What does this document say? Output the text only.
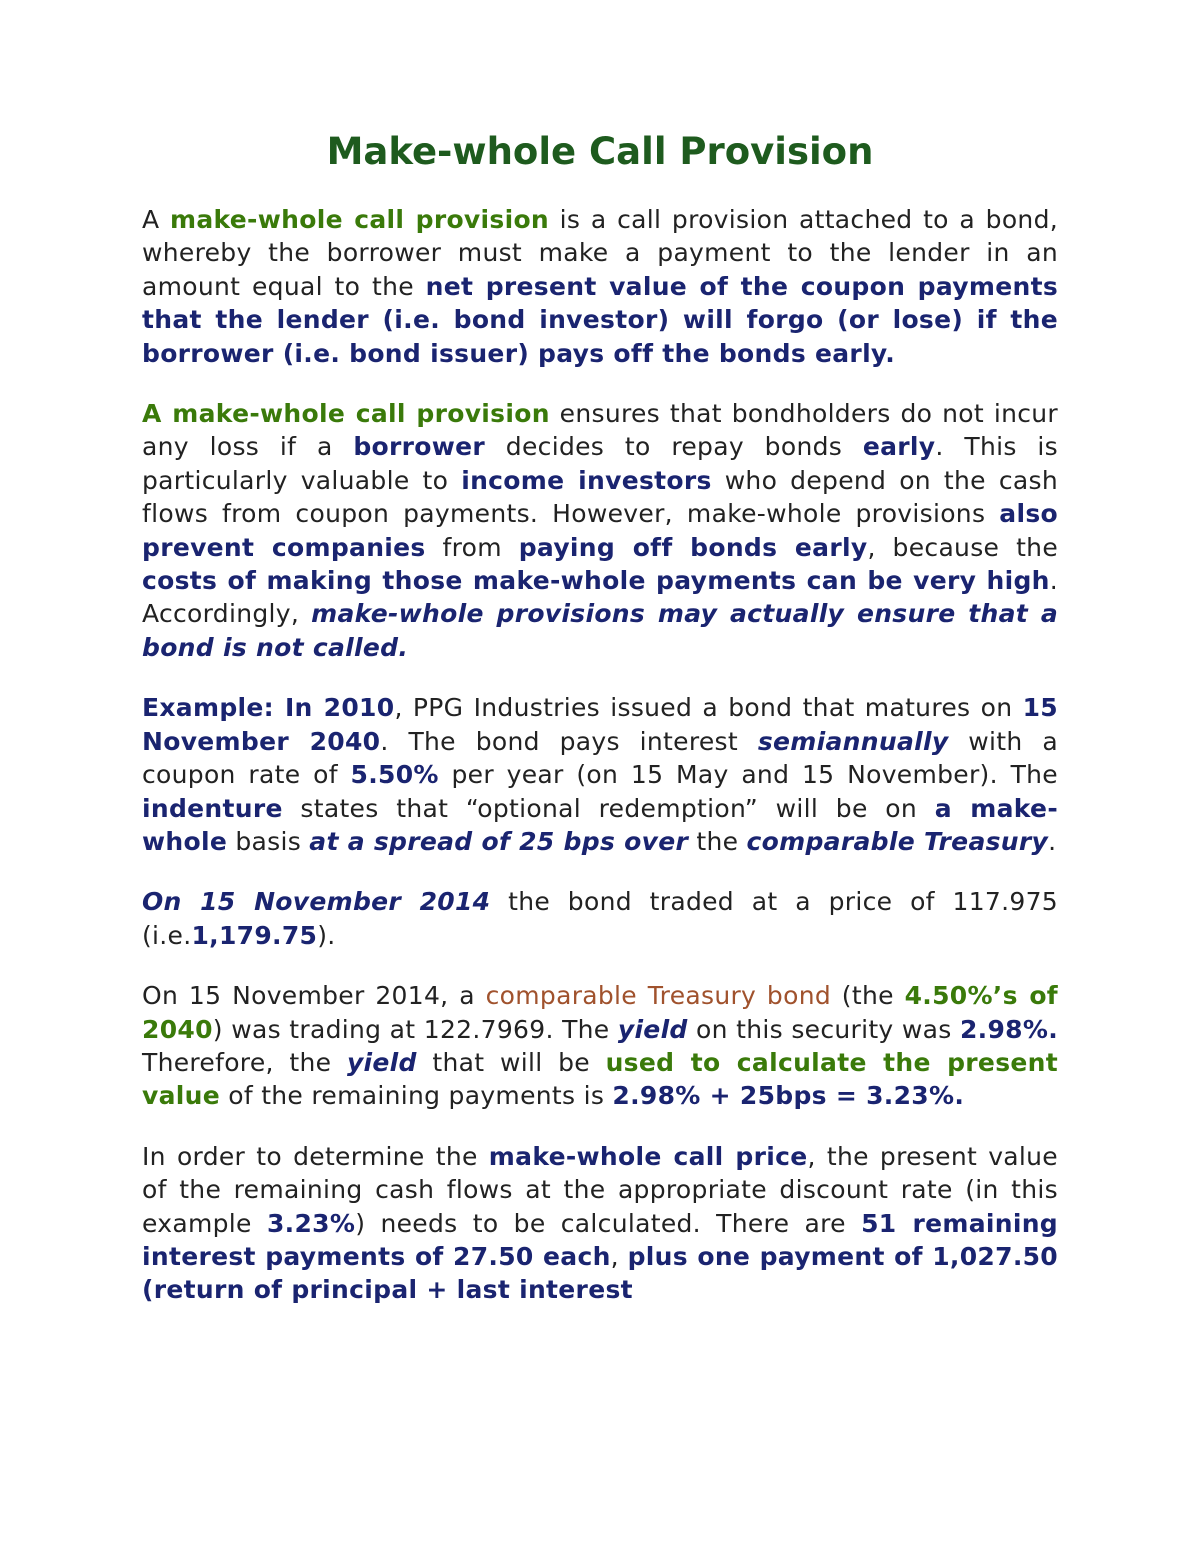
Make-whole Call Provision

A make-whole call provision is a call provision attached to a bond, whereby the borrower must make a payment to the lender in an amount equal to the net present value of the coupon payments that the lender (i.e. bond investor) will forgo (or lose) if the borrower (i.e. bond issuer) pays off the bonds early.

A make-whole call provision ensures that bondholders do not incur any loss if a borrower decides to repay bonds early. This is particularly valuable to income investors who depend on the cash flows from coupon payments. However, make-whole provisions also prevent companies from paying off bonds early, because the costs of making those make-whole payments can be very high. Accordingly, make-whole provisions may actually ensure that a bond is not called.

Example: In 2010, PPG Industries issued a bond that matures on 15 November 2040. The bond pays interest semiannually with a coupon rate of 5.50% per year (on 15 May and 15 November). The indenture states that “optional redemption” will be on a make-whole basis at a spread of 25 bps over the comparable Treasury.

On 15 November 2014 the bond traded at a price of 117.975 (i.e.1,179.75).

On 15 November 2014, a comparable Treasury bond (the 4.50%’s of 2040) was trading at 122.7969. The yield on this security was 2.98%. Therefore, the yield that will be used to calculate the present value of the remaining payments is 2.98% + 25bps = 3.23%.

In order to determine the make-whole call price, the present value of the remaining cash flows at the appropriate discount rate (in this example 3.23%) needs to be calculated. There are 51 remaining interest payments of 27.50 each, plus one payment of 1,027.50 (return of principal + last interest
